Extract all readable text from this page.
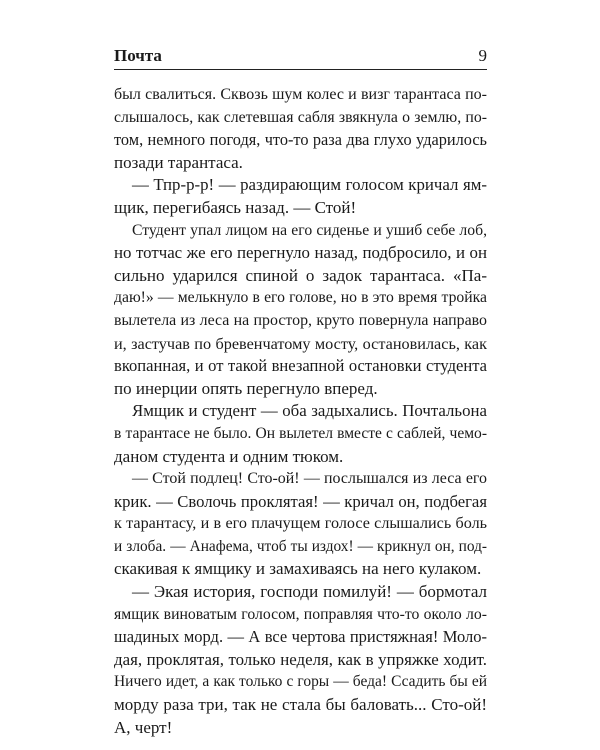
Почта	9
был свалиться. Сквозь шум колес и визг тарантаса по-
слышалось, как слетевшая сабля звякнула о землю, по-
том, немного погодя, что-то раза два глухо ударилось
позади тарантаса.
— Тпр-р-р! — раздирающим голосом кричал ям-
щик, перегибаясь назад. — Стой!
Студент упал лицом на его сиденье и ушиб себе лоб,
но тотчас же его перегнуло назад, подбросило, и он
сильно ударился спиной о задок тарантаса. «Па-
даю!» — мелькнуло в его голове, но в это время тройка
вылетела из леса на простор, круто повернула направо
и, застучав по бревенчатому мосту, остановилась, как
вкопанная, и от такой внезапной остановки студента
по инерции опять перегнуло вперед.
Ямщик и студент — оба задыхались. Почтальона
в тарантасе не было. Он вылетел вместе с саблей, чемо-
даном студента и одним тюком.
— Стой подлец! Сто-ой! — послышался из леса его
крик. — Сволочь проклятая! — кричал он, подбегая
к тарантасу, и в его плачущем голосе слышались боль
и злоба. — Анафема, чтоб ты издох! — крикнул он, под-
скакивая к ямщику и замахиваясь на него кулаком.
— Экая история, господи помилуй! — бормотал
ямщик виноватым голосом, поправляя что-то около ло-
шадиных морд. — А все чертова пристяжная! Моло-
дая, проклятая, только неделя, как в упряжке ходит.
Ничего идет, а как только с горы — беда! Ссадить бы ей
морду раза три, так не стала бы баловать... Сто-ой!
А, черт!
